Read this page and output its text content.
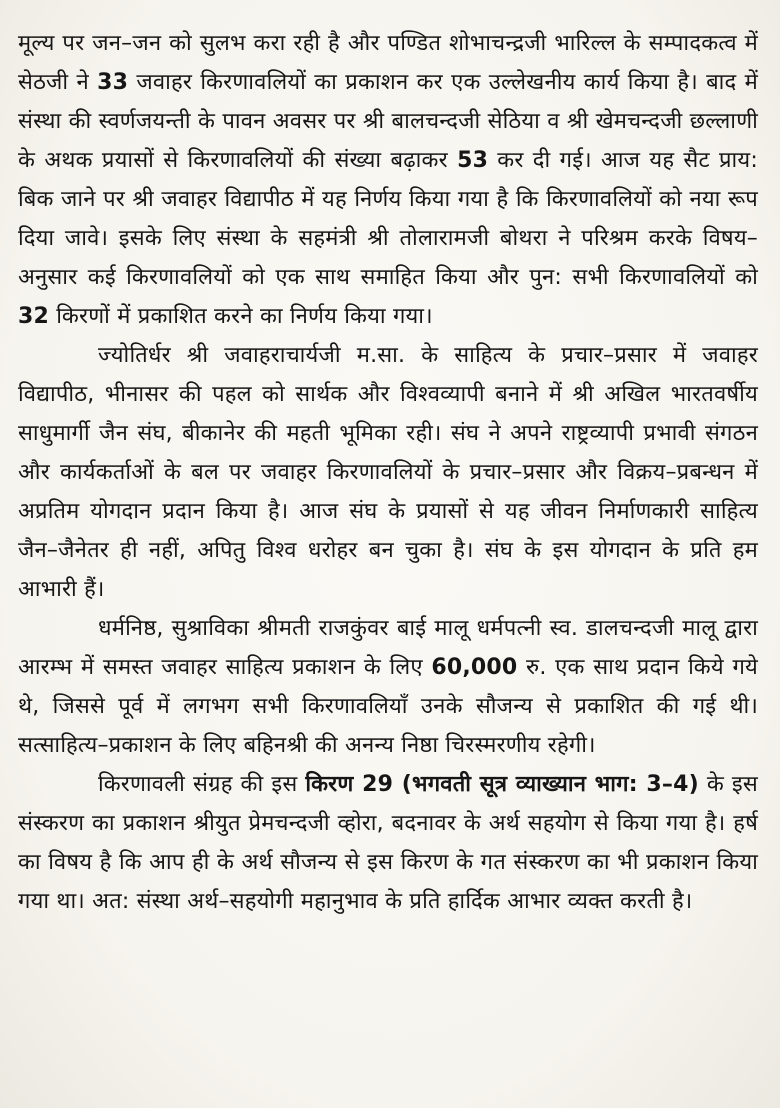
मूल्य पर जन–जन को सुलभ करा रही है और पण्डित शोभाचन्द्रजी भारिल्ल के सम्पादकत्व में सेठजी ने 33 जवाहर किरणावलियों का प्रकाशन कर एक उल्लेखनीय कार्य किया है। बाद में संस्था की स्वर्णजयन्ती के पावन अवसर पर श्री बालचन्दजी सेठिया व श्री खेमचन्दजी छल्लाणी के अथक प्रयासों से किरणावलियों की संख्या बढ़ाकर 53 कर दी गई। आज यह सैट प्राय: बिक जाने पर श्री जवाहर विद्यापीठ में यह निर्णय किया गया है कि किरणावलियों को नया रूप दिया जावे। इसके लिए संस्था के सहमंत्री श्री तोलारामजी बोथरा ने परिश्रम करके विषय–अनुसार कई किरणावलियों को एक साथ समाहित किया और पुन: सभी किरणावलियों को 32 किरणों में प्रकाशित करने का निर्णय किया गया।

ज्योतिर्धर श्री जवाहराचार्यजी म.सा. के साहित्य के प्रचार–प्रसार में जवाहर विद्यापीठ, भीनासर की पहल को सार्थक और विश्वव्यापी बनाने में श्री अखिल भारतवर्षीय साधुमार्गी जैन संघ, बीकानेर की महती भूमिका रही। संघ ने अपने राष्ट्रव्यापी प्रभावी संगठन और कार्यकर्ताओं के बल पर जवाहर किरणावलियों के प्रचार–प्रसार और विक्रय–प्रबन्धन में अप्रतिम योगदान प्रदान किया है। आज संघ के प्रयासों से यह जीवन निर्माणकारी साहित्य जैन–जैनेतर ही नहीं, अपितु विश्व धरोहर बन चुका है। संघ के इस योगदान के प्रति हम आभारी हैं।

धर्मनिष्ठ, सुश्राविका श्रीमती राजकुंवर बाई मालू धर्मपत्नी स्व. डालचन्दजी मालू द्वारा आरम्भ में समस्त जवाहर साहित्य प्रकाशन के लिए 60,000 रु. एक साथ प्रदान किये गये थे, जिससे पूर्व में लगभग सभी किरणावलियाँ उनके सौजन्य से प्रकाशित की गई थी। सत्साहित्य–प्रकाशन के लिए बहिनश्री की अनन्य निष्ठा चिरस्मरणीय रहेगी।

किरणावली संग्रह की इस किरण 29 (भगवती सूत्र व्याख्यान भाग: 3–4) के इस संस्करण का प्रकाशन श्रीयुत प्रेमचन्दजी व्होरा, बदनावर के अर्थ सहयोग से किया गया है। हर्ष का विषय है कि आप ही के अर्थ सौजन्य से इस किरण के गत संस्करण का भी प्रकाशन किया गया था। अत: संस्था अर्थ–सहयोगी महानुभाव के प्रति हार्दिक आभार व्यक्त करती है।
